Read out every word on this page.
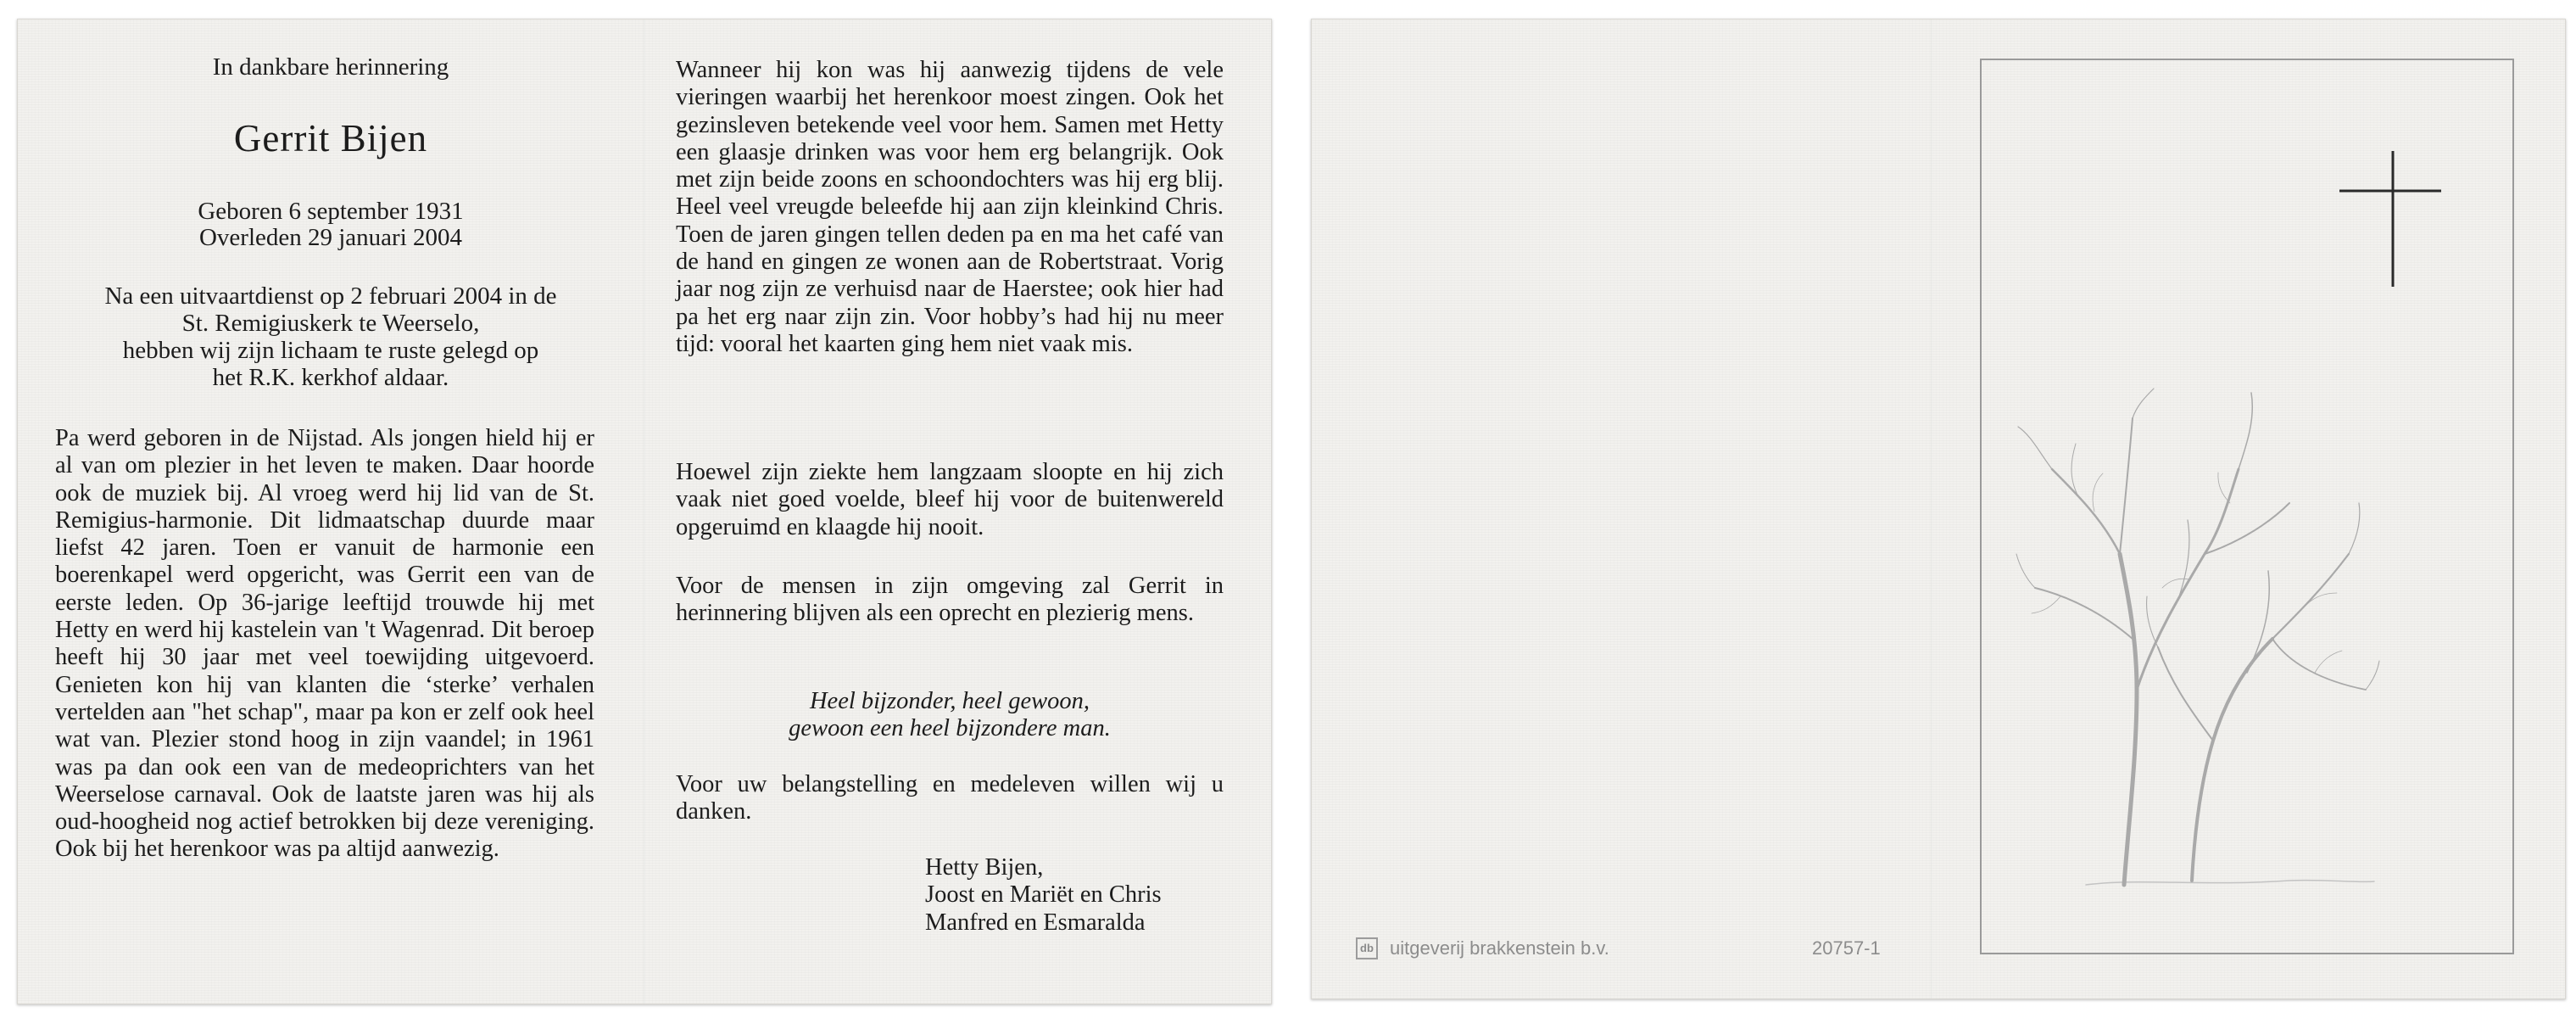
In dankbare herinnering
Gerrit Bijen
Geboren 6 september 1931
Overleden 29 januari 2004
Na een uitvaartdienst op 2 februari 2004 in de
St. Remigiuskerk te Weerselo,
hebben wij zijn lichaam te ruste gelegd op
het R.K. kerkhof aldaar.

Pa werd geboren in de Nijstad. Als jongen hield hij er al van om plezier in het leven te maken. Daar hoorde ook de muziek bij. Al vroeg werd hij lid van de St. Remigius-harmonie. Dit lidmaatschap duurde maar liefst 42 jaren. Toen er vanuit de harmonie een boerenkapel werd opgericht, was Gerrit een van de eerste leden. Op 36-jarige leeftijd trouwde hij met Hetty en werd hij kastelein van 't Wagenrad. Dit beroep heeft hij 30 jaar met veel toewijding uitgevoerd. Genieten kon hij van klanten die ‘sterke’ verhalen vertelden aan "het schap", maar pa kon er zelf ook heel wat van. Plezier stond hoog in zijn vaandel; in 1961 was pa dan ook een van de medeoprichters van het Weerselose carnaval. Ook de laatste jaren was hij als oud-hoogheid nog actief betrokken bij deze vereniging. Ook bij het herenkoor was pa altijd aanwezig.

Wanneer hij kon was hij aanwezig tijdens de vele vieringen waarbij het herenkoor moest zingen. Ook het gezinsleven betekende veel voor hem. Samen met Hetty een glaasje drinken was voor hem erg belangrijk. Ook met zijn beide zoons en schoondochters was hij erg blij. Heel veel vreugde beleefde hij aan zijn kleinkind Chris. Toen de jaren gingen tellen deden pa en ma het café van de hand en gingen ze wonen aan de Robertstraat. Vorig jaar nog zijn ze verhuisd naar de Haerstee; ook hier had pa het erg naar zijn zin. Voor hobby’s had hij nu meer tijd: vooral het kaarten ging hem niet vaak mis.

Hoewel zijn ziekte hem langzaam sloopte en hij zich vaak niet goed voelde, bleef hij voor de buitenwereld opgeruimd en klaagde hij nooit.

Voor de mensen in zijn omgeving zal Gerrit in herinnering blijven als een oprecht en plezierig mens.

Heel bijzonder, heel gewoon,
gewoon een heel bijzondere man.

Voor uw belangstelling en medeleven willen wij u danken.

Hetty Bijen,
Joost en Mariët en Chris
Manfred en Esmaralda
db uitgeverij brakkenstein b.v.	20757-1
